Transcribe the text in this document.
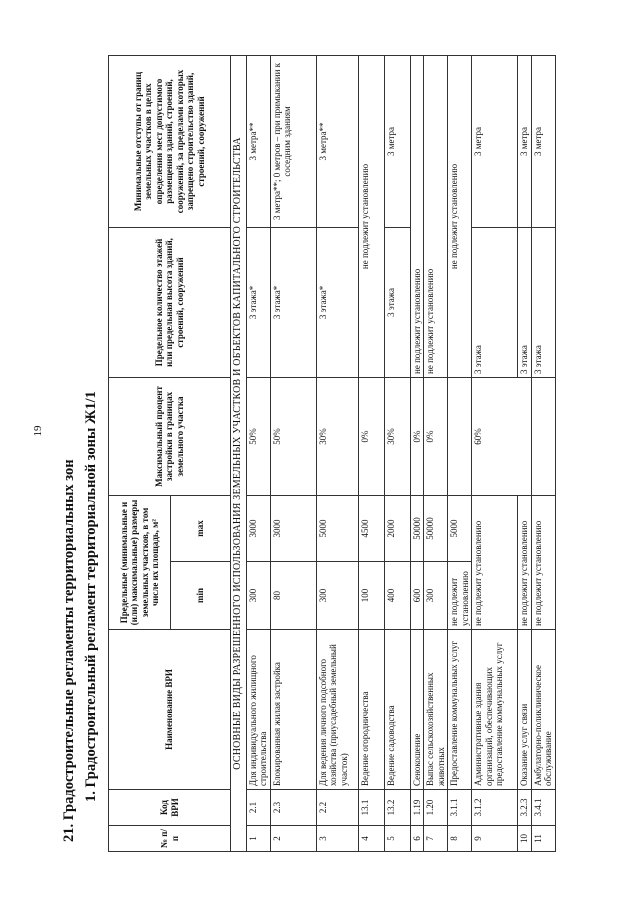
19
21. Градостроительные регламенты территориальных зон 1. Градостроительный регламент территориальной зоны Ж1/1
№ п/п	Код ВРИ	Наименование ВРИ	Предельные (минимальные и (или) максимальные) размеры земельных участков, в том числе их площадь, м²		Максимальный процент застройки в границах земельного участка	Предельное количество этажей или предельная высота зданий, строений, сооружений	Минимальные отступы от границ земельных участков в целях определения мест допустимого размещения зданий, строений, сооружений, за пределами которых запрещено строительство зданий, строений, сооружений
			min	max			
ОСНОВНЫЕ ВИДЫ РАЗРЕШЕННОГО ИСПОЛЬЗОВАНИЯ ЗЕМЕЛЬНЫХ УЧАСТКОВ И ОБЪЕКТОВ КАПИТАЛЬНОГО СТРОИТЕЛЬСТВА							
1	2.1	Для индивидуального жилищного строительства	300	3000	50%	3 этажа*	3 метра**
2	2.3	Блокированная жилая застройка	80	3000	50%	3 этажа*	3 метра**; 0 метров – при примыкании к соседним зданиям
3	2.2	Для ведения личного подсобного хозяйства (приусадебный земельный участок)	300	5000	30%	3 этажа*	3 метра**
4	13.1	Ведение огородничества	100	4500	0%	не подлежит установлению	
5	13.2	Ведение садоводства	400	2000	30%	3 этажа	3 метра
6	1.19	Сенокошение	600	50000	0%	не подлежит установлению	
7	1.20	Выпас сельскохозяйственных животных	300	50000	0%	не подлежит установлению	
8	3.1.1	Предоставление коммунальных услуг	не подлежит установлению	5000		не подлежит установлению	
9	3.1.2	Административные здания организаций, обеспечивающих предоставление коммунальных услуг	не подлежит установлению		60%	3 этажа	3 метра
10	3.2.3	Оказание услуг связи	не подлежит установлению			3 этажа	3 метра
11	3.4.1	Амбулаторно-поликлиническое обслуживание	не подлежит установлению			3 этажа	3 метра
